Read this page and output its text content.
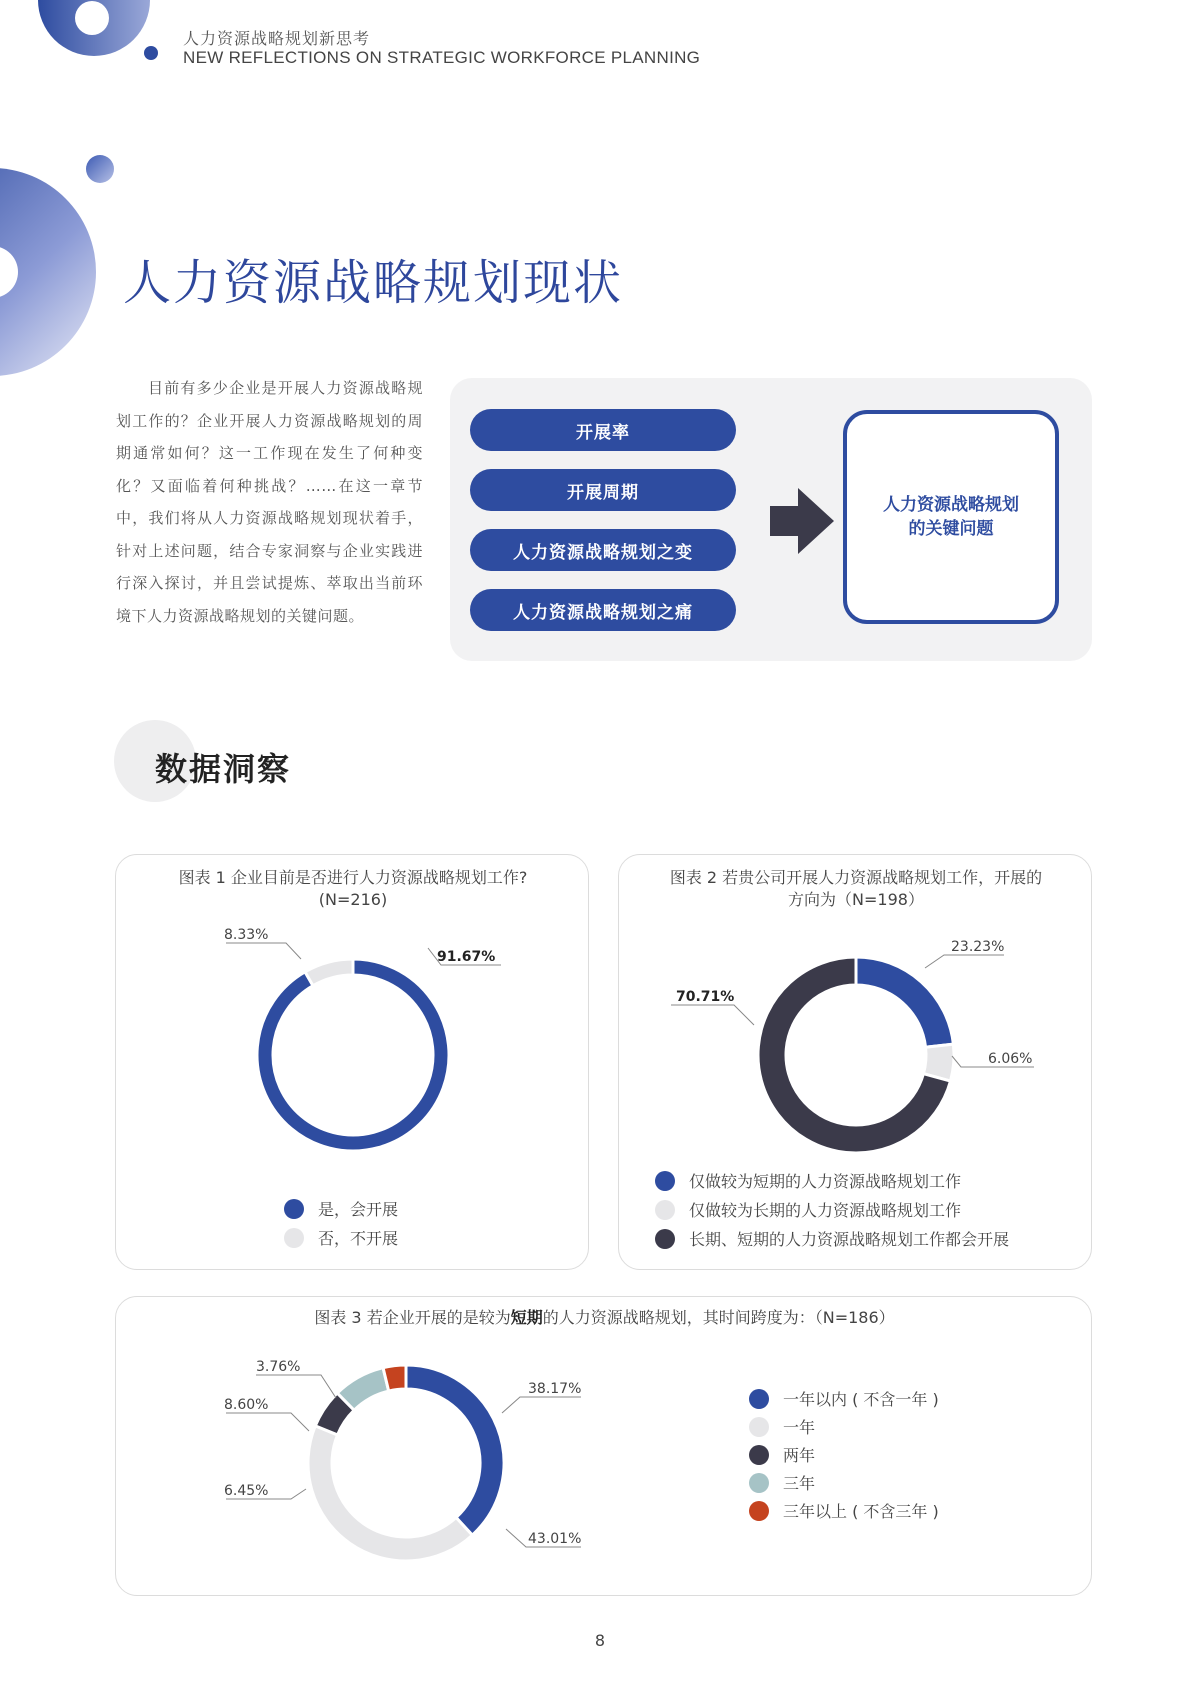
人力资源战略规划新思考
NEW REFLECTIONS ON STRATEGIC WORKFORCE PLANNING
人力资源战略规划现状

目前有多少企业是开展人力资源战略规划工作的？企业开展人力资源战略规划的周期通常如何？这一工作现在发生了何种变化？又面临着何种挑战？……在这一章节中，我们将从人力资源战略规划现状着手，针对上述问题，结合专家洞察与企业实践进行深入探讨，并且尝试提炼、萃取出当前环境下人力资源战略规划的关键问题。

开展率
开展周期
人力资源战略规划之变
人力资源战略规划之痛
人力资源战略规划
的关键问题
数据洞察
图表 1 企业目前是否进行人力资源战略规划工作?
(N=216)
91.67%
8.33%
是，会开展
否，不开展
图表 2 若贵公司开展人力资源战略规划工作，开展的
方向为（N=198）
23.23%
6.06%
70.71%
仅做较为短期的人力资源战略规划工作
仅做较为长期的人力资源战略规划工作
长期、短期的人力资源战略规划工作都会开展
图表 3 若企业开展的是较为短期的人力资源战略规划，其时间跨度为：（N=186）
38.17%
43.01%
6.45%
8.60%
3.76%
一年以内 ( 不含一年 )
一年
两年
三年
三年以上 ( 不含三年 )
8
